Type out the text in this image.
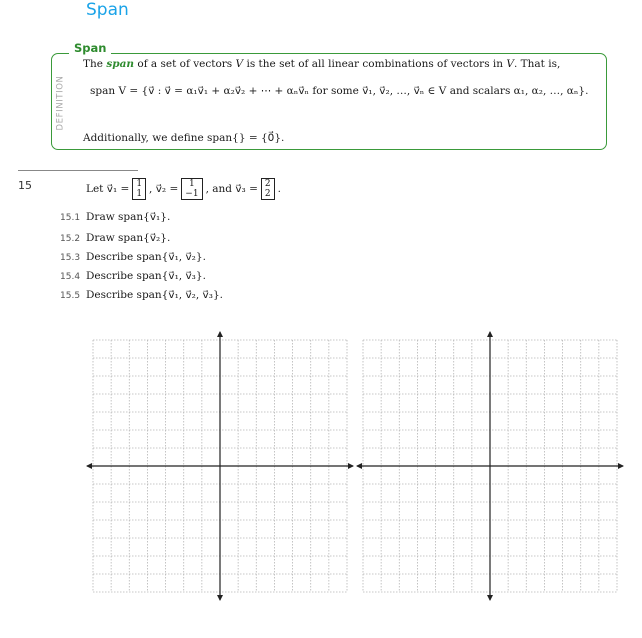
Span
Span
DEFINITION
The span of a set of vectors V is the set of all linear combinations of vectors in V. That is,
span V = {v⃗ : v⃗ = α₁v⃗₁ + α₂v⃗₂ + ⋯ + αₙv⃗ₙ for some v⃗₁, v⃗₂, …, v⃗ₙ ∈ V and scalars α₁, α₂, …, αₙ}.
Additionally, we define span{} = {0⃗}.
15	Let v⃗₁ = 1
1 , v⃗₂ = 1
−1 , and v⃗₃ = 2
2 .
15.1 Draw span{v⃗₁}.
15.2 Draw span{v⃗₂}.
15.3 Describe span{v⃗₁, v⃗₂}.
15.4 Describe span{v⃗₁, v⃗₃}.
15.5 Describe span{v⃗₁, v⃗₂, v⃗₃}.
